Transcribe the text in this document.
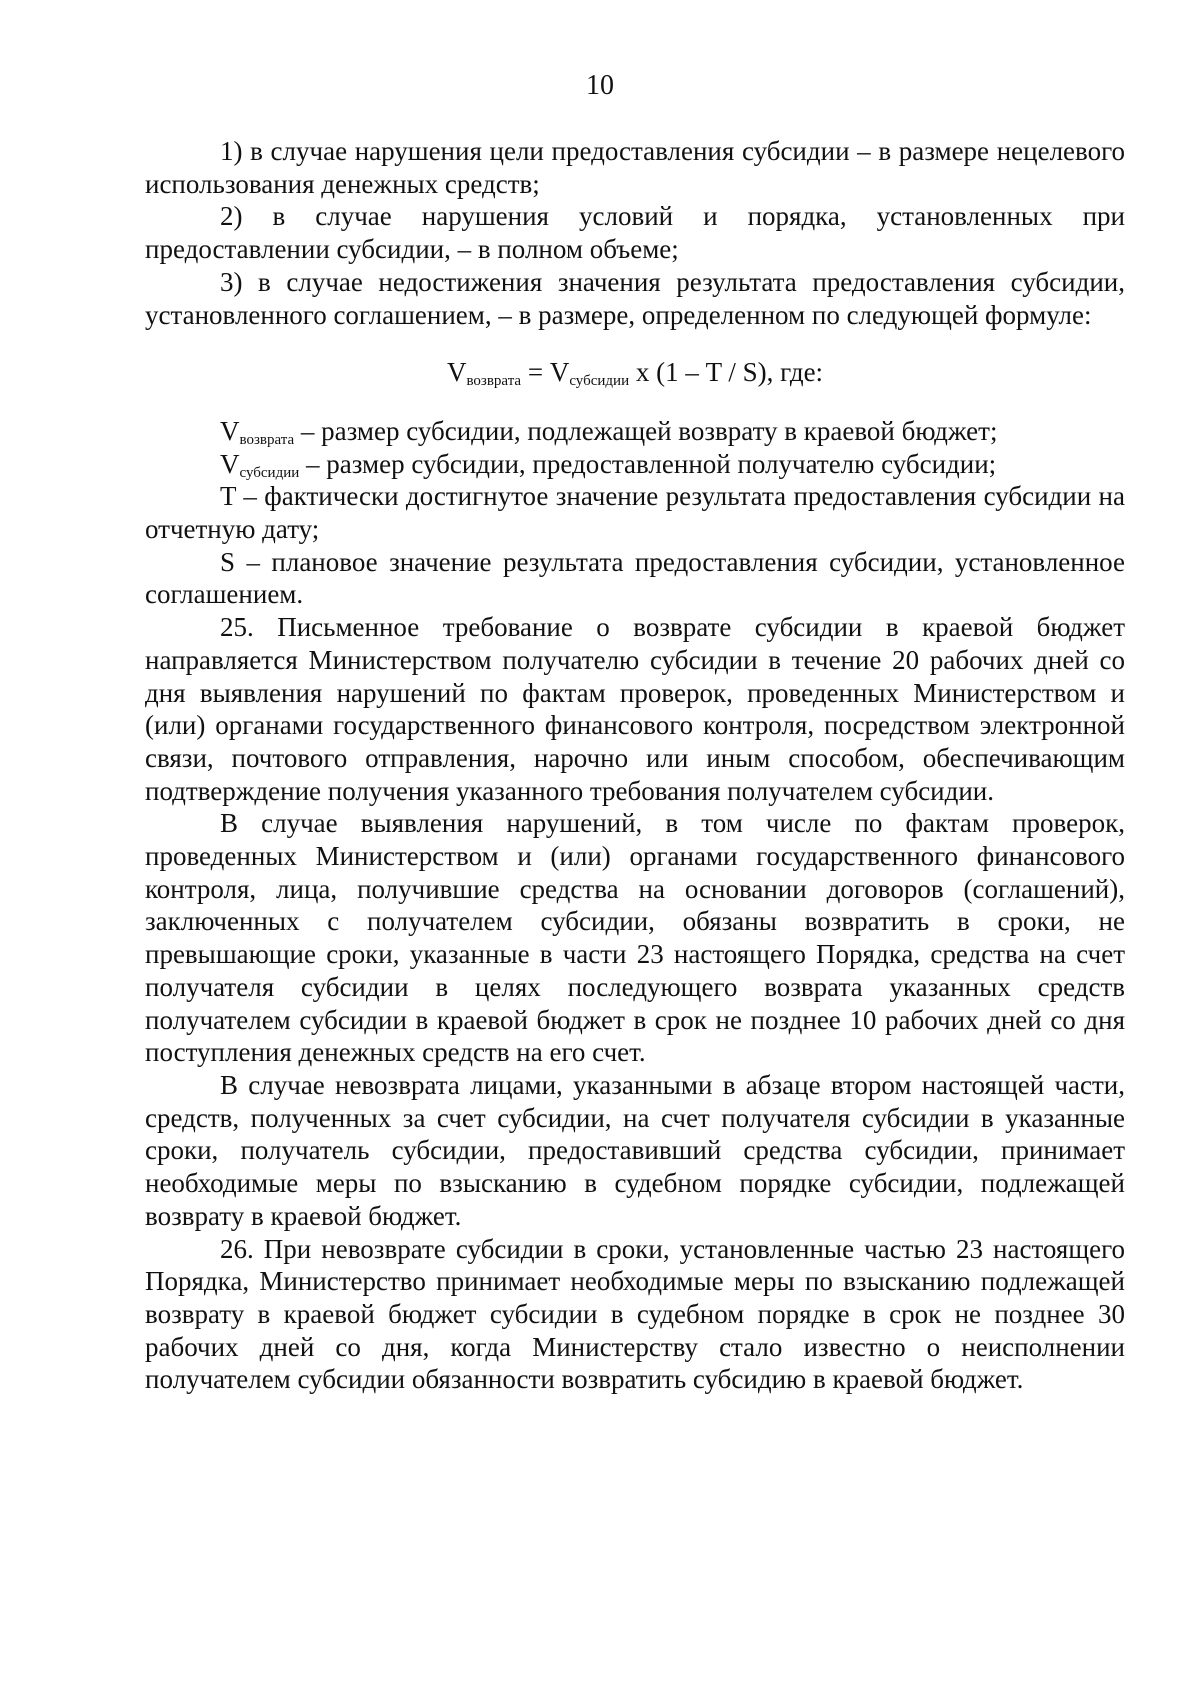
10

1) в случае нарушения цели предоставления субсидии – в размере нецелевого использования денежных средств;

2) в случае нарушения условий и порядка, установленных при предоставлении субсидии, – в полном объеме;

3) в случае недостижения значения результата предоставления субсидии, установленного соглашением, – в размере, определенном по следующей формуле:

$V_{возврата} = V_{субсидии}$ х (1 – T / S), где:

$V_{возврата}$ – размер субсидии, подлежащей возврату в краевой бюджет;

$V_{субсидии}$ – размер субсидии, предоставленной получателю субсидии;

T – фактически достигнутое значение результата предоставления субсидии на отчетную дату;

S – плановое значение результата предоставления субсидии, установленное соглашением.

25. Письменное требование о возврате субсидии в краевой бюджет направляется Министерством получателю субсидии в течение 20 рабочих дней со дня выявления нарушений по фактам проверок, проведенных Министерством и (или) органами государственного финансового контроля, посредством электронной связи, почтового отправления, нарочно или иным способом, обеспечивающим подтверждение получения указанного требования получателем субсидии.

В случае выявления нарушений, в том числе по фактам проверок, проведенных Министерством и (или) органами государственного финансового контроля, лица, получившие средства на основании договоров (соглашений), заключенных с получателем субсидии, обязаны возвратить в сроки, не превышающие сроки, указанные в части 23 настоящего Порядка, средства на счет получателя субсидии в целях последующего возврата указанных средств получателем субсидии в краевой бюджет в срок не позднее 10 рабочих дней со дня поступления денежных средств на его счет.

В случае невозврата лицами, указанными в абзаце втором настоящей части, средств, полученных за счет субсидии, на счет получателя субсидии в указанные сроки, получатель субсидии, предоставивший средства субсидии, принимает необходимые меры по взысканию в судебном порядке субсидии, подлежащей возврату в краевой бюджет.

26. При невозврате субсидии в сроки, установленные частью 23 настоящего Порядка, Министерство принимает необходимые меры по взысканию подлежащей возврату в краевой бюджет субсидии в судебном порядке в срок не позднее 30 рабочих дней со дня, когда Министерству стало известно о неисполнении получателем субсидии обязанности возвратить субсидию в краевой бюджет.
